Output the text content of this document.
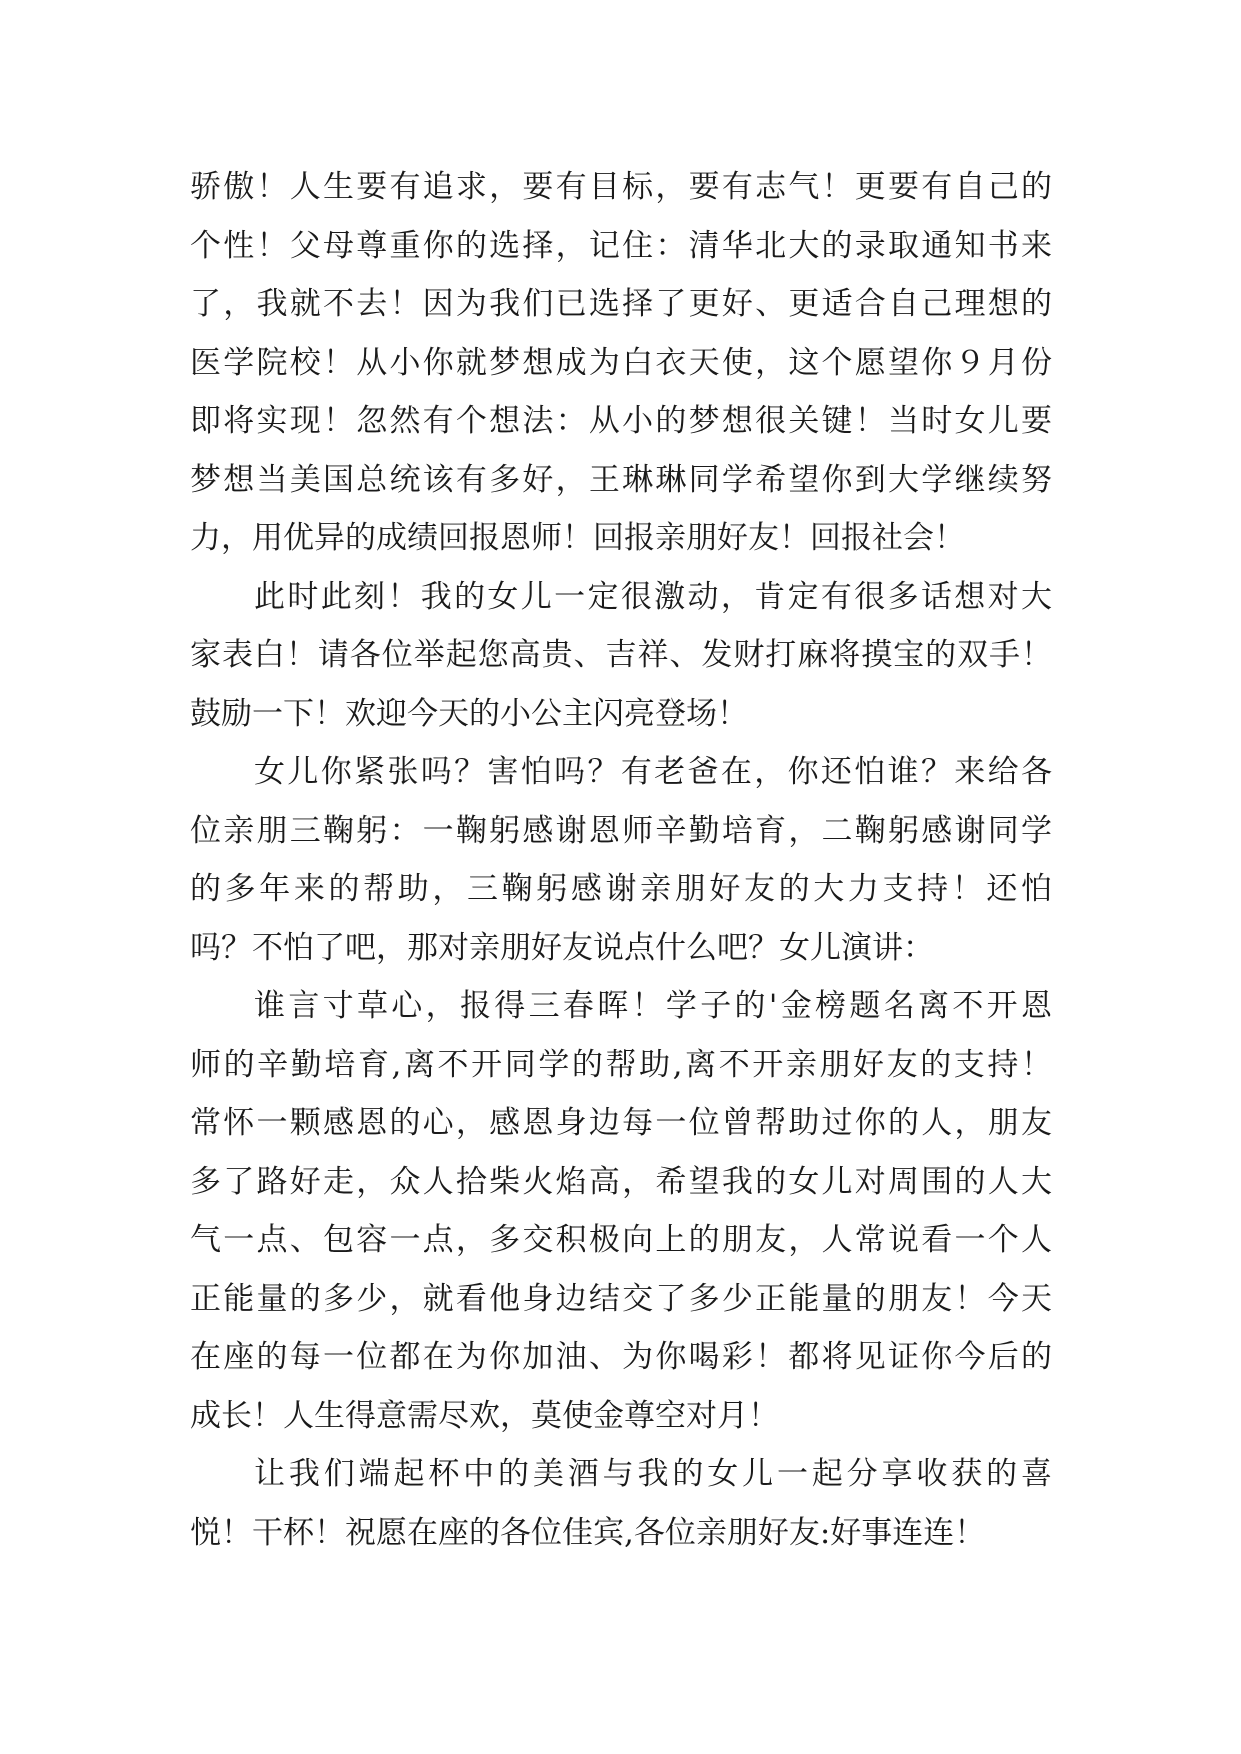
骄傲！人生要有追求，要有目标，要有志气！更要有自己的
个性！父母尊重你的选择，记住：清华北大的录取通知书来
了，我就不去！因为我们已选择了更好、更适合自己理想的
医学院校！从小你就梦想成为白衣天使，这个愿望你９月份
即将实现！忽然有个想法：从小的梦想很关键！当时女儿要
梦想当美国总统该有多好，王琳琳同学希望你到大学继续努
力，用优异的成绩回报恩师！回报亲朋好友！回报社会！
此时此刻！我的女儿一定很激动，肯定有很多话想对大
家表白！请各位举起您高贵、吉祥、发财打麻将摸宝的双手！
鼓励一下！欢迎今天的小公主闪亮登场！
女儿你紧张吗？害怕吗？有老爸在，你还怕谁？来给各
位亲朋三鞠躬：一鞠躬感谢恩师辛勤培育，二鞠躬感谢同学
的多年来的帮助，三鞠躬感谢亲朋好友的大力支持！还怕
吗？不怕了吧，那对亲朋好友说点什么吧？女儿演讲：
谁言寸草心，报得三春晖！学子的'金榜题名离不开恩
师的辛勤培育,离不开同学的帮助,离不开亲朋好友的支持！
常怀一颗感恩的心，感恩身边每一位曾帮助过你的人，朋友
多了路好走，众人拾柴火焰高，希望我的女儿对周围的人大
气一点、包容一点，多交积极向上的朋友，人常说看一个人
正能量的多少，就看他身边结交了多少正能量的朋友！今天
在座的每一位都在为你加油、为你喝彩！都将见证你今后的
成长！人生得意需尽欢，莫使金尊空对月！
让我们端起杯中的美酒与我的女儿一起分享收获的喜
悦！干杯！祝愿在座的各位佳宾,各位亲朋好友:好事连连！
